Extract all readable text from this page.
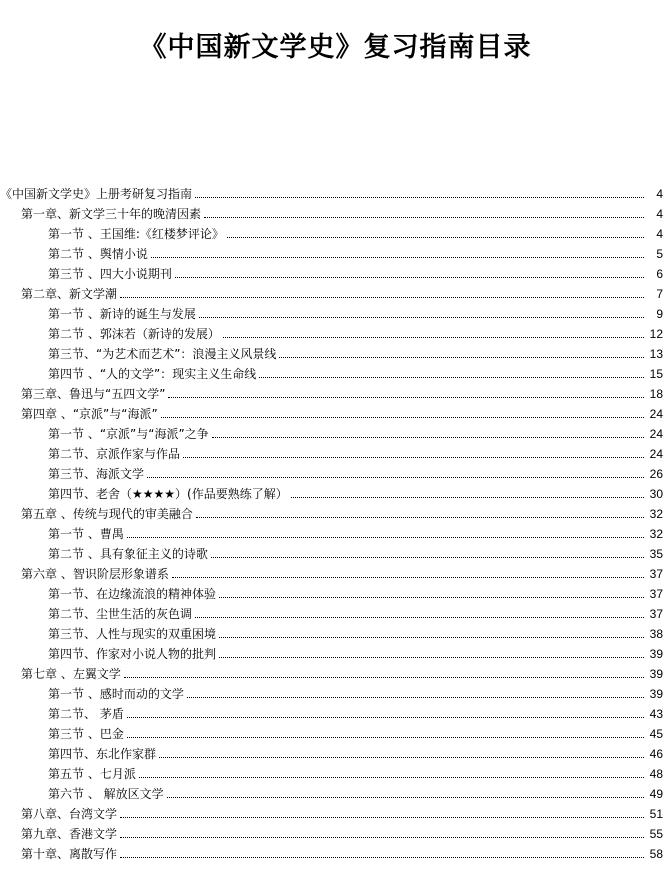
《中国新文学史》复习指南目录
《中国新文学史》上册考研复习指南	4
第一章、新文学三十年的晚清因素	4
第一节 、王国维:《红楼梦评论》	4
第二节 、舆情小说	5
第三节 、四大小说期刊	6
第二章、新文学潮	7
第一节 、新诗的诞生与发展	9
第二节 、郭沫若（新诗的发展）	12
第三节、“为艺术而艺术”：浪漫主义风景线	13
第四节 、“人的文学”：现实主义生命线	15
第三章、鲁迅与“五四文学”	18
第四章 、“京派”与“海派”	24
第一节 、“京派”与“海派”之争	24
第二节、京派作家与作品	24
第三节、海派文学	26
第四节、老舍（★★★★）(作品要熟练了解）	30
第五章 、传统与现代的审美融合	32
第一节 、曹禺	32
第二节 、具有象征主义的诗歌	35
第六章 、智识阶层形象谱系	37
第一节、在边缘流浪的精神体验	37
第二节、尘世生活的灰色调	37
第三节、人性与现实的双重困境	38
第四节、作家对小说人物的批判	39
第七章 、左翼文学	39
第一节 、感时而动的文学	39
第二节、 茅盾	43
第三节 、巴金	45
第四节、东北作家群	46
第五节 、七月派	48
第六节 、 解放区文学	49
第八章、台湾文学	51
第九章、香港文学	55
第十章、离散写作	58
